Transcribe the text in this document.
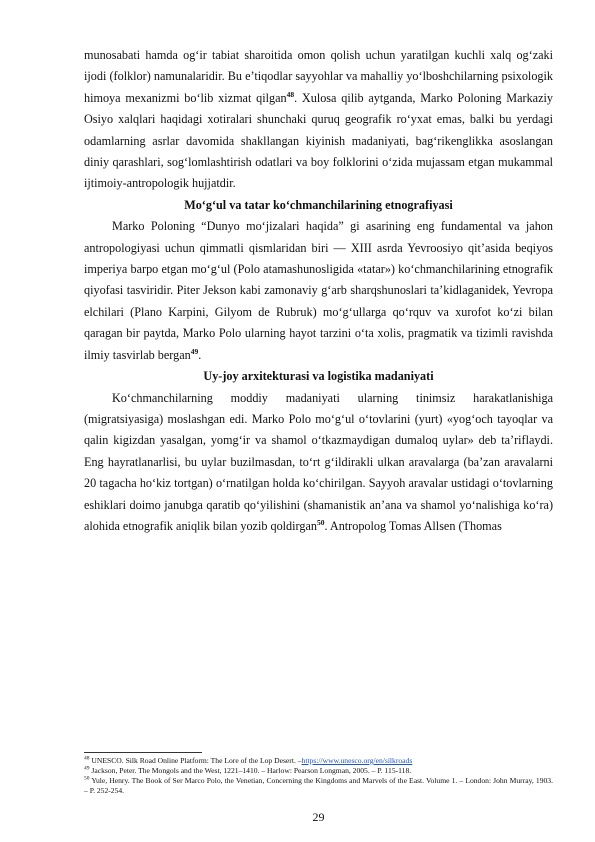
munosabati hamda og‘ir tabiat sharoitida omon qolish uchun yaratilgan kuchli xalq og‘zaki ijodi (folklor) namunalaridir. Bu e’tiqodlar sayyohlar va mahalliy yo‘lboshchilarning psixologik himoya mexanizmi bo‘lib xizmat qilgan$^{48}$. Xulosa qilib aytganda, Marko Poloning Markaziy Osiyo xalqlari haqidagi xotiralari shunchaki quruq geografik ro‘yxat emas, balki bu yerdagi odamlarning asrlar davomida shakllangan kiyinish madaniyati, bag‘rikenglikka asoslangan diniy qarashlari, sog‘lomlashtirish odatlari va boy folklorini o‘zida mujassam etgan mukammal ijtimoiy-antropologik hujjatdir.

Mo‘g‘ul va tatar ko‘chmanchilarining etnografiyasi

Marko Poloning “Dunyo mo‘jizalari haqida” gi asarining eng fundamental va jahon antropologiyasi uchun qimmatli qismlaridan biri — XIII asrda Yevroosiyo qit’asida beqiyos imperiya barpo etgan mo‘g‘ul (Polo atamashunosligida «tatar») ko‘chmanchilarining etnografik qiyofasi tasviridir. Piter Jekson kabi zamonaviy g‘arb sharqshunoslari ta’kidlaganidek, Yevropa elchilari (Plano Karpini, Gilyom de Rubruk) mo‘g‘ullarga qo‘rquv va xurofot ko‘zi bilan qaragan bir paytda, Marko Polo ularning hayot tarzini o‘ta xolis, pragmatik va tizimli ravishda ilmiy tasvirlab bergan$^{49}$.

Uy-joy arxitekturasi va logistika madaniyati

Ko‘chmanchilarning moddiy madaniyati ularning tinimsiz harakatlanishiga (migratsiyasiga) moslashgan edi. Marko Polo mo‘g‘ul o‘tovlarini (yurt) «yog‘och tayoqlar va qalin kigizdan yasalgan, yomg‘ir va shamol o‘tkazmaydigan dumaloq uylar» deb ta’riflaydi. Eng hayratlanarlisi, bu uylar buzilmasdan, to‘rt g‘ildirakli ulkan aravalarga (ba’zan aravalarni 20 tagacha ho‘kiz tortgan) o‘rnatilgan holda ko‘chirilgan. Sayyoh aravalar ustidagi o‘tovlarning eshiklari doimo janubga qaratib qo‘yilishini (shamanistik an’ana va shamol yo‘nalishiga ko‘ra) alohida etnografik aniqlik bilan yozib qoldirgan$^{50}$. Antropolog Tomas Allsen (Thomas

$^{48}$ UNESCO. Silk Road Online Platform: The Lore of the Lop Desert. –https://www.unesco.org/en/silkroads
$^{49}$ Jackson, Peter. The Mongols and the West, 1221–1410. – Harlow: Pearson Longman, 2005. – P. 115-118.
$^{50}$ Yule, Henry. The Book of Ser Marco Polo, the Venetian, Concerning the Kingdoms and Marvels of the East. Volume 1. – London: John Murray, 1903. – P. 252-254.
29
